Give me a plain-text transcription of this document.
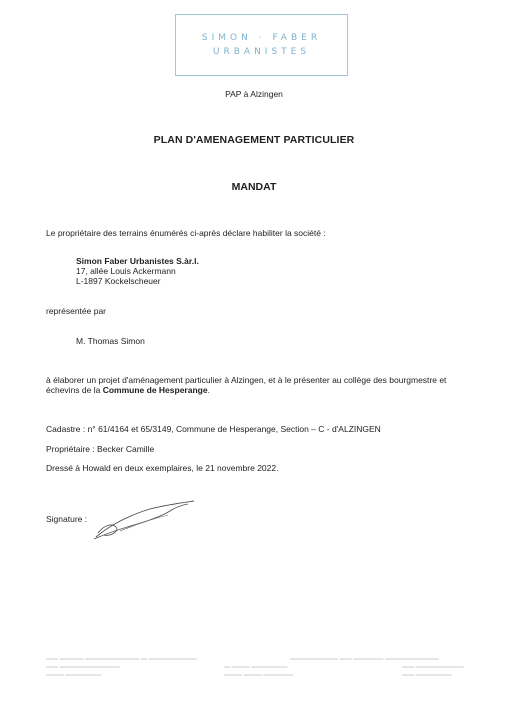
SIMON · FABER
URBANISTES
PAP à Alzingen
PLAN D'AMENAGEMENT PARTICULIER
MANDAT
Le propriétaire des terrains énumérés ci-après déclare habiliter la société :
Simon Faber Urbanistes S.àr.l.
17, allée Louis Ackermann
L-1897 Kockelscheuer
représentée par
M. Thomas Simon
à élaborer un projet d'aménagement particulier à Alzingen, et à le présenter au collège des bourgmestre et
échevins de la Commune de Hesperange.
Cadastre : n° 61/4164 et 65/3149, Commune de Hesperange, Section – C - d'ALZINGEN
Propriétaire : Becker Camille
Dressé à Howald en deux exemplaires, le 21 novembre 2022.
Signature :
▬▬ ▬▬▬▬ ▬▬▬▬▬▬▬▬▬ ▬ ▬▬▬▬▬▬▬▬
▬▬ ▬▬▬▬▬▬▬▬▬▬
▬▬▬ ▬▬▬▬▬▬
▬ ▬▬▬ ▬▬▬▬▬▬
▬▬▬ ▬▬▬ ▬▬▬▬▬
▬▬▬▬▬▬▬▬ ▬▬ ▬▬▬▬▬ ▬▬▬▬▬▬▬▬▬
▬▬ ▬▬▬▬▬▬▬▬
▬▬ ▬▬▬▬▬▬
